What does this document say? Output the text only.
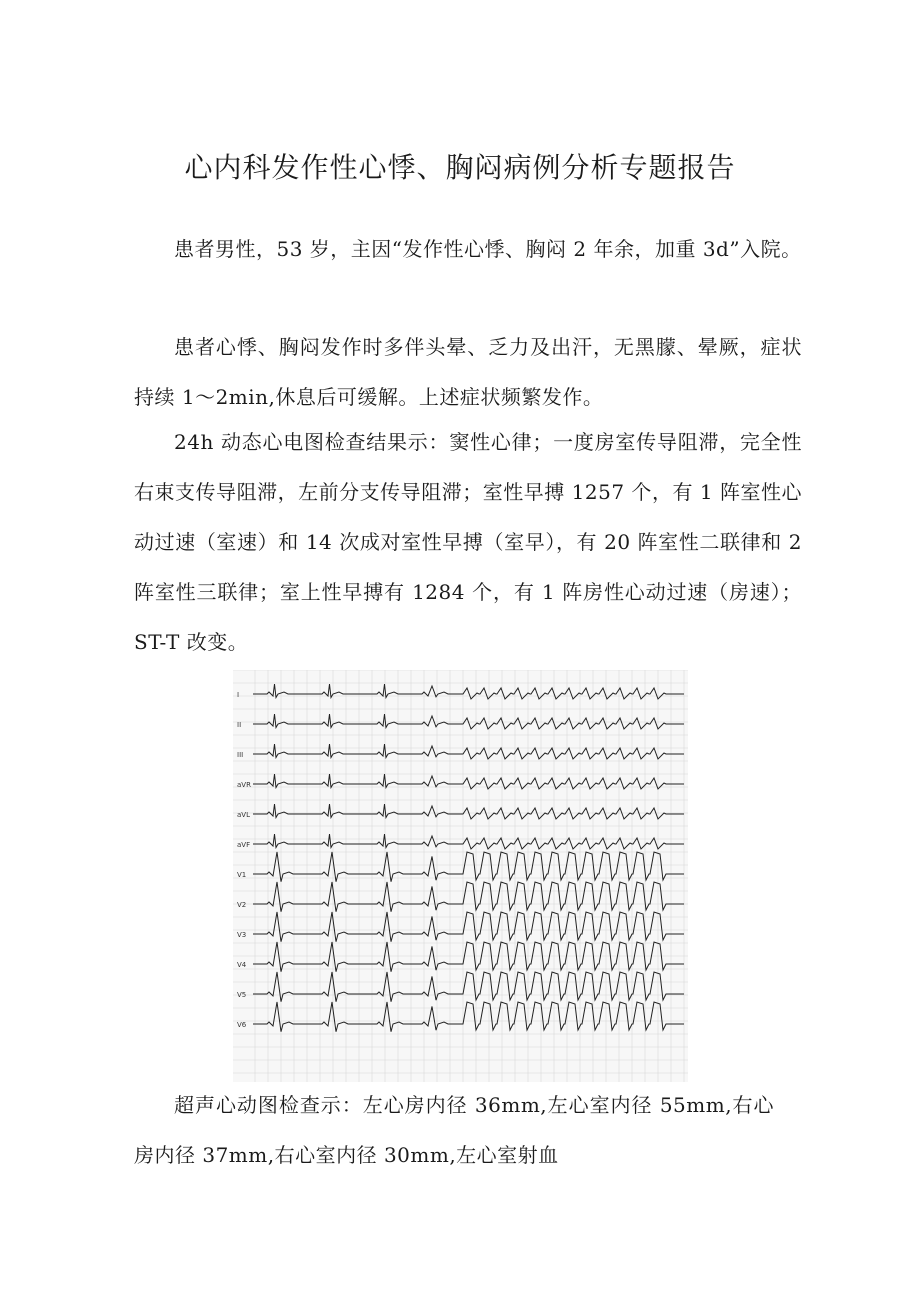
心内科发作性心悸、胸闷病例分析专题报告

患者男性，53 岁，主因“发作性心悸、胸闷 2 年余，加重 3d”入院。

患者心悸、胸闷发作时多伴头晕、乏力及出汗，无黑朦、晕厥，症状持续 1～2min,休息后可缓解。上述症状频繁发作。

24h 动态心电图检查结果示：窦性心律；一度房室传导阻滞，完全性右束支传导阻滞，左前分支传导阻滞；室性早搏 1257 个，有 1 阵室性心动过速（室速）和 14 次成对室性早搏（室早），有 20 阵室性二联律和 2 阵室性三联律；室上性早搏有 1284 个，有 1 阵房性心动过速（房速）；ST-T 改变。

I
II
III
aVR
aVL
aVF
V1
V2
V3
V4
V5
V6

超声心动图检查示：左心房内径 36mm,左心室内径 55mm,右心房内径 37mm,右心室内径 30mm,左心室射血
